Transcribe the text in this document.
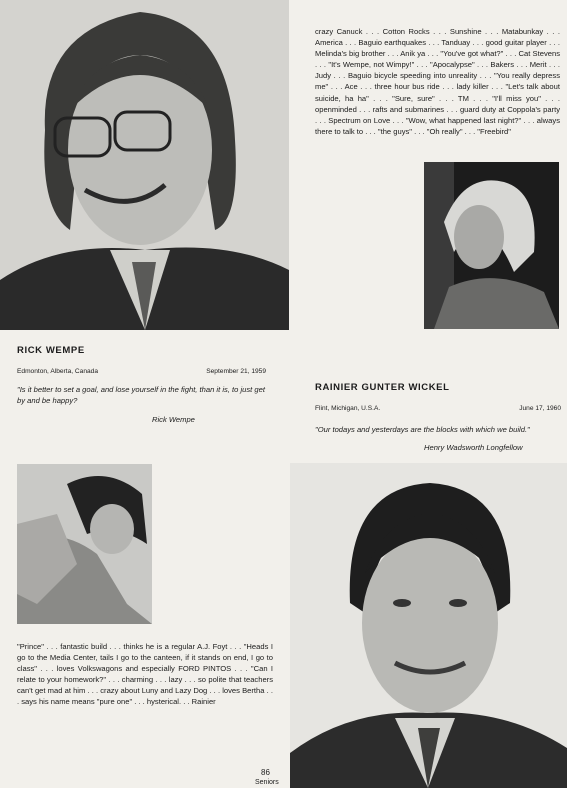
crazy Canuck . . . Cotton Rocks . . . Sunshine . . . Matabunkay . . . America . . . Baguio earthquakes . . . Tanduay . . . good guitar player . . . Melinda's big brother . . . Anik ya . . . "You've got what?" . . . Cat Stevens . . . "It's Wempe, not Wimpy!" . . . "Apocalypse" . . . Bakers . . . Merit . . . Judy . . . Baguio bicycle speeding into unreality . . . "You really depress me" . . . Ace . . . three hour bus ride . . . lady killer . . . "Let's talk about suicide, ha ha" . . . "Sure, sure" . . . TM . . . "I'll miss you" . . . openminded . . . rafts and submarines . . . guard duty at Coppola's party . . . Spectrum on Love . . . "Wow, what happened last night?" . . . always there to talk to . . . "the guys" . . . "Oh really" . . . "Freebird"

RICK WEMPE
Edmonton, Alberta, Canada	September 21, 1959

"Is it better to set a goal, and lose yourself in the fight, than it is, to just get by and be happy?

Rick Wempe
RAINIER GUNTER WICKEL
Flint, Michigan, U.S.A.	June 17, 1960

"Our todays and yesterdays are the blocks with which we build."

Henry Wadsworth Longfellow

"Prince" . . . fantastic build . . . thinks he is a regular A.J. Foyt . . . "Heads I go to the Media Center, tails I go to the canteen, if it stands on end, I go to class" . . . loves Volkswagons and especially FORD PINTOS . . . "Can I relate to your homework?" . . . charming . . . lazy . . . so polite that teachers can't get mad at him . . . crazy about Luny and Lazy Dog . . . loves Bertha . . . says his name means "pure one" . . . hysterical. . . Rainier

86
Seniors
